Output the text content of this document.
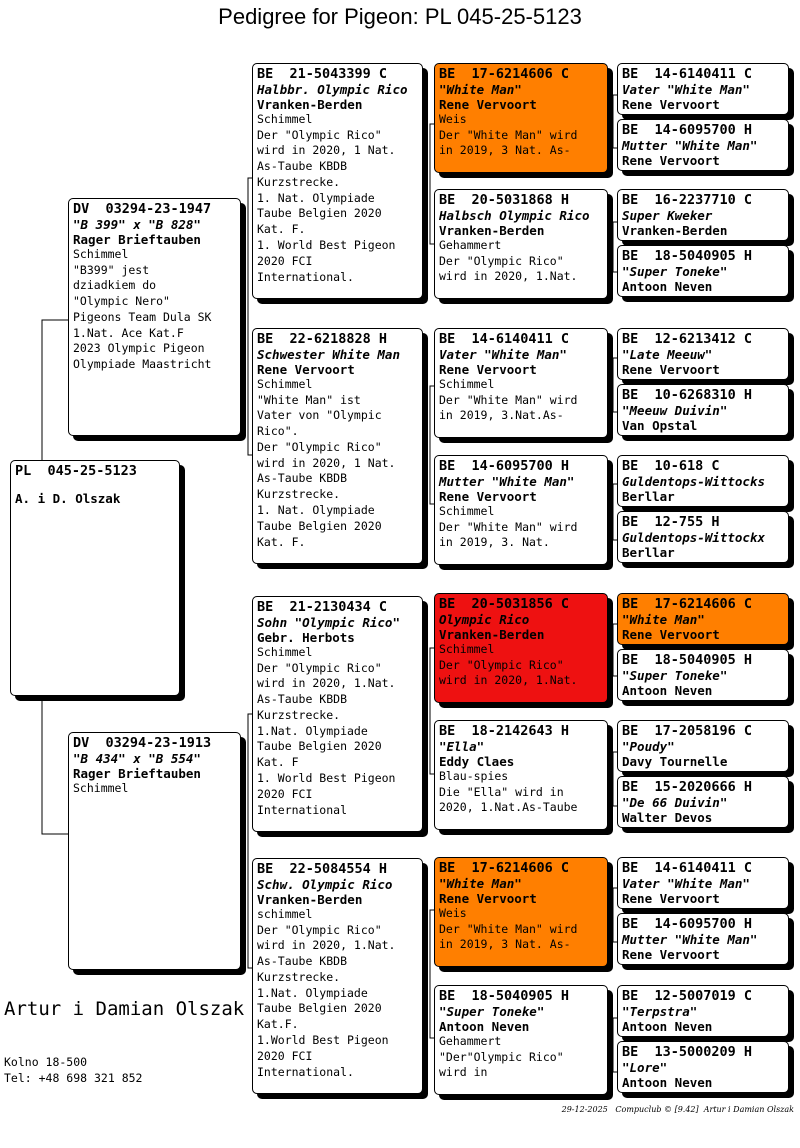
Pedigree for Pigeon: PL 045-25-5123
PL  045-25-5123
A. i D. Olszak
DV  03294-23-1947
"B 399" x "B 828"
Rager Brieftauben
Schimmel
"B399" jest
dziadkiem do
"Olympic Nero"
Pigeons Team Dula SK
1.Nat. Ace Kat.F
2023 Olympic Pigeon
Olympiade Maastricht
DV  03294-23-1913
"B 434" x "B 554"
Rager Brieftauben
Schimmel
BE  21-5043399 C
Halbbr. Olympic Rico
Vranken-Berden
Schimmel
Der "Olympic Rico"
wird in 2020, 1 Nat.
As-Taube KBDB
Kurzstrecke.
1. Nat. Olympiade
Taube Belgien 2020
Kat. F.
1. World Best Pigeon
2020 FCI
International.
BE  22-6218828 H
Schwester White Man
Rene Vervoort
Schimmel
"White Man" ist
Vater von "Olympic
Rico".
Der "Olympic Rico"
wird in 2020, 1 Nat.
As-Taube KBDB
Kurzstrecke.
1. Nat. Olympiade
Taube Belgien 2020
Kat. F.
BE  21-2130434 C
Sohn "Olympic Rico"
Gebr. Herbots
Schimmel
Der "Olympic Rico"
wird in 2020, 1.Nat.
As-Taube KBDB
Kurzstrecke.
1.Nat. Olympiade
Taube Belgien 2020
Kat. F
1. World Best Pigeon
2020 FCI
International
BE  22-5084554 H
Schw. Olympic Rico
Vranken-Berden
schimmel
Der "Olympic Rico"
wird in 2020, 1.Nat.
As-Taube KBDB
Kurzstrecke.
1.Nat. Olympiade
Taube Belgien 2020
Kat.F.
1.World Best Pigeon
2020 FCI
International.
BE  17-6214606 C
"White Man"
Rene Vervoort
Weis
Der "White Man" wird
in 2019, 3 Nat. As-
BE  20-5031868 H
Halbsch Olympic Rico
Vranken-Berden
Gehammert
Der "Olympic Rico"
wird in 2020, 1.Nat.
BE  14-6140411 C
Vater "White Man"
Rene Vervoort
Schimmel
Der "White Man" wird
in 2019, 3.Nat.As-
BE  14-6095700 H
Mutter "White Man"
Rene Vervoort
Schimmel
Der "White Man" wird
in 2019, 3. Nat.
BE  20-5031856 C
Olympic Rico
Vranken-Berden
Schimmel
Der "Olympic Rico"
wird in 2020, 1.Nat.
BE  18-2142643 H
"Ella"
Eddy Claes
Blau-spies
Die "Ella" wird in
2020, 1.Nat.As-Taube
BE  17-6214606 C
"White Man"
Rene Vervoort
Weis
Der "White Man" wird
in 2019, 3 Nat. As-
BE  18-5040905 H
"Super Toneke"
Antoon Neven
Gehammert
"Der"Olympic Rico"
wird in
BE  14-6140411 C
Vater "White Man"
Rene Vervoort
BE  14-6095700 H
Mutter "White Man"
Rene Vervoort
BE  16-2237710 C
Super Kweker
Vranken-Berden
BE  18-5040905 H
"Super Toneke"
Antoon Neven
BE  12-6213412 C
"Late Meeuw"
Rene Vervoort
BE  10-6268310 H
"Meeuw Duivin"
Van Opstal
BE  10-618 C
Guldentops-Wittocks
Berllar
BE  12-755 H
Guldentops-Wittockx
Berllar
BE  17-6214606 C
"White Man"
Rene Vervoort
BE  18-5040905 H
"Super Toneke"
Antoon Neven
BE  17-2058196 C
"Poudy"
Davy Tournelle
BE  15-2020666 H
"De 66 Duivin"
Walter Devos
BE  14-6140411 C
Vater "White Man"
Rene Vervoort
BE  14-6095700 H
Mutter "White Man"
Rene Vervoort
BE  12-5007019 C
"Terpstra"
Antoon Neven
BE  13-5000209 H
"Lore"
Antoon Neven
Artur i Damian Olszak
Kolno 18-500
Tel: +48 698 321 852
29-12-2025   Compuclub © [9.42]  Artur i Damian Olszak
